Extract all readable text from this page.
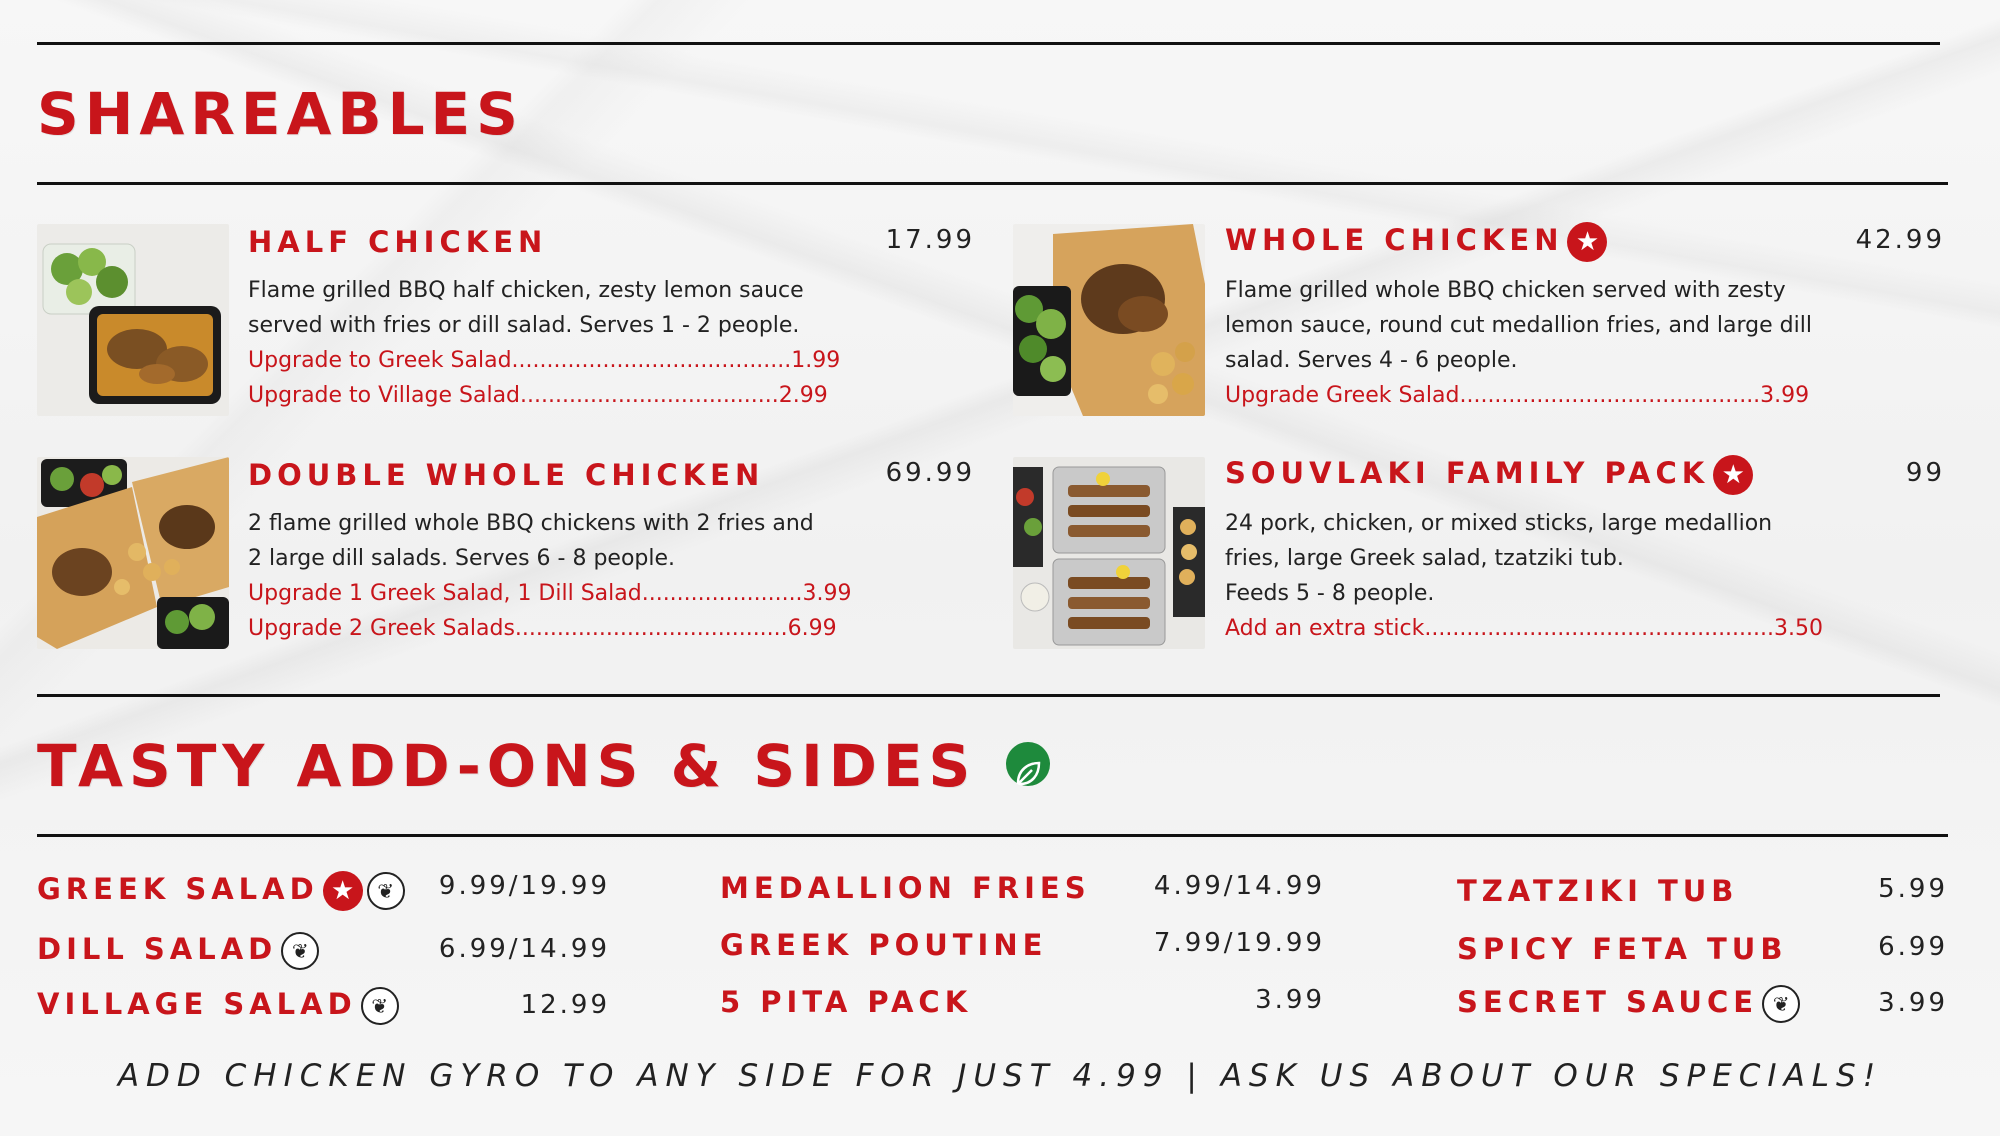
SHAREABLES
HALF CHICKEN	17.99
Flame grilled BBQ half chicken, zesty lemon sauce
served with fries or dill salad. Serves 1 - 2 people.
Upgrade to Greek Salad........................................1.99
Upgrade to Village Salad.....................................2.99
WHOLE CHICKEN ★	42.99
Flame grilled whole BBQ chicken served with zesty
lemon sauce, round cut medallion fries, and large dill
salad. Serves 4 - 6 people.
Upgrade Greek Salad...........................................3.99
DOUBLE WHOLE CHICKEN	69.99
2 flame grilled whole BBQ chickens with 2 fries and
2 large dill salads. Serves 6 - 8 people.
Upgrade 1 Greek Salad, 1 Dill Salad.......................3.99
Upgrade 2 Greek Salads.......................................6.99
SOUVLAKI FAMILY PACK ★	99
24 pork, chicken, or mixed sticks, large medallion
fries, large Greek salad, tzatziki tub.
Feeds 5 - 8 people.
Add an extra stick..................................................3.50
TASTY ADD-ONS & SIDES
GREEK SALAD ★ ❦	9.99/19.99
DILL SALAD ❦	6.99/14.99
VILLAGE SALAD ❦	12.99
MEDALLION FRIES	4.99/14.99
GREEK POUTINE	7.99/19.99
5 PITA PACK	3.99
TZATZIKI TUB	5.99
SPICY FETA TUB	6.99
SECRET SAUCE ❦	3.99
ADD CHICKEN GYRO TO ANY SIDE FOR JUST 4.99 | ASK US ABOUT OUR SPECIALS!
